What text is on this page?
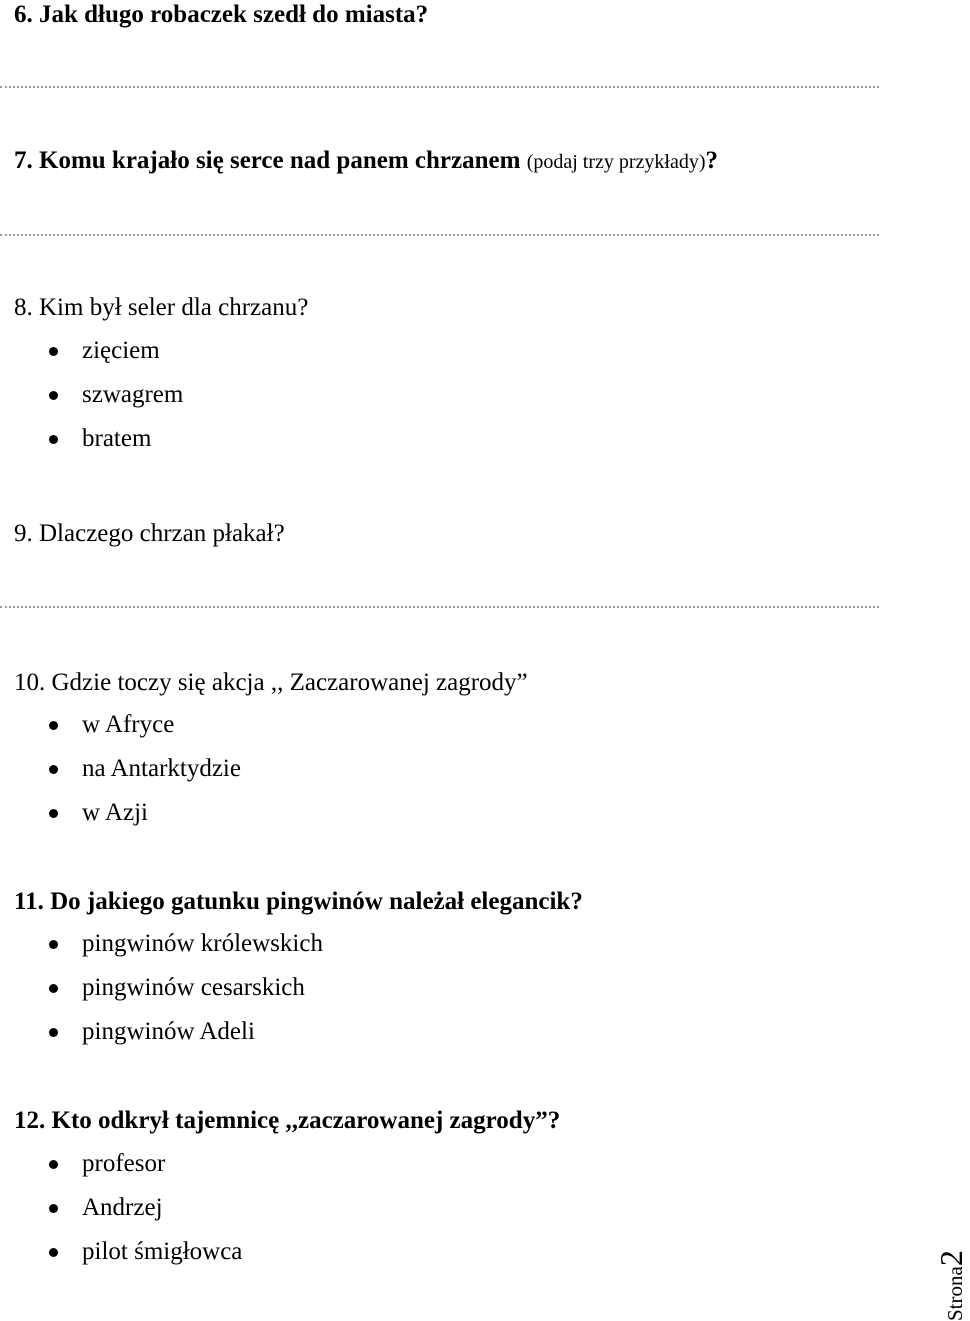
6. Jak długo robaczek szedł do miasta?
7. Komu krajało się serce nad panem chrzanem (podaj trzy przykłady)?
8. Kim był seler dla chrzanu?
zięciem
szwagrem
bratem
9. Dlaczego chrzan płakał?
10. Gdzie toczy się akcja ,, Zaczarowanej zagrody”
w Afryce
na Antarktydzie
w Azji
11. Do jakiego gatunku pingwinów należał elegancik?
pingwinów królewskich
pingwinów cesarskich
pingwinów Adeli
12. Kto odkrył tajemnicę ,,zaczarowanej zagrody”?
profesor
Andrzej
pilot śmigłowca
Strona2
